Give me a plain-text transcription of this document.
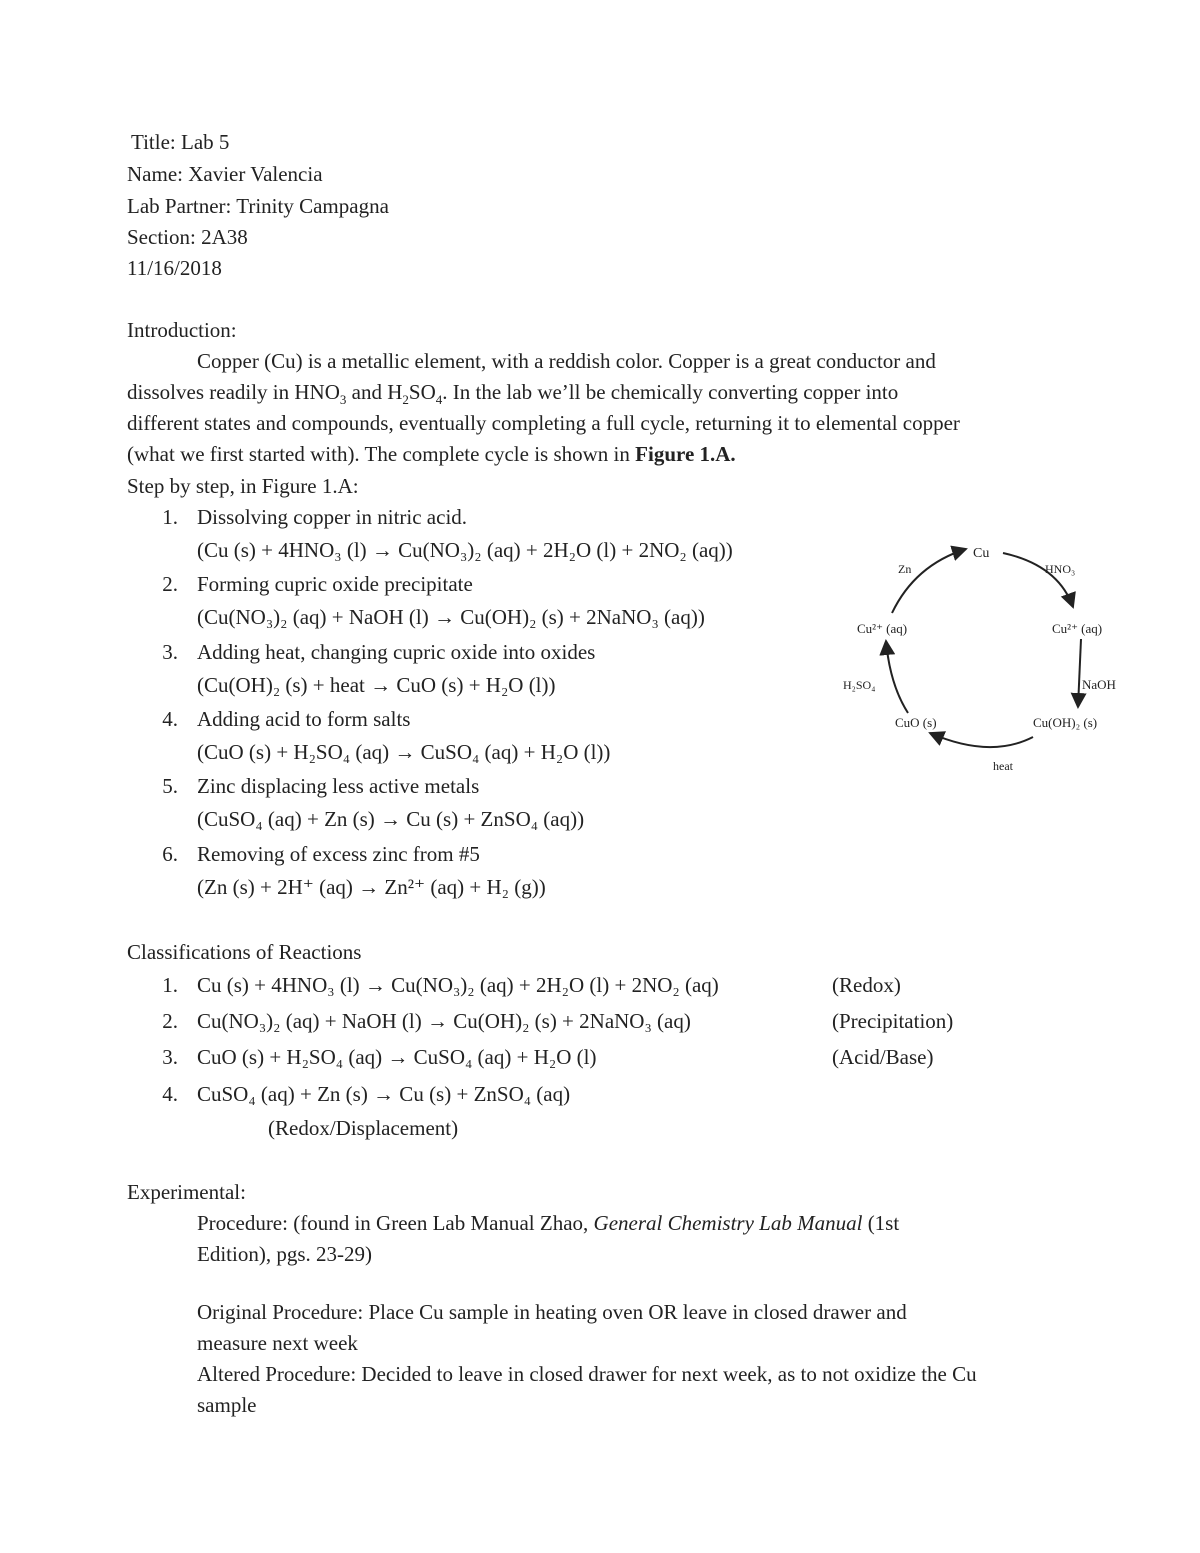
Title: Lab 5
Name: Xavier Valencia
Lab Partner: Trinity Campagna
Section: 2A38
11/16/2018
Introduction:
Copper (Cu) is a metallic element, with a reddish color. Copper is a great conductor and
dissolves readily in $HNO_3$ and $H_2SO_4$. In the lab we’ll be chemically converting copper into
different states and compounds, eventually completing a full cycle, returning it to elemental copper
(what we first started with). The complete cycle is shown in Figure 1.A.
Step by step, in Figure 1.A:
1. Dissolving copper in nitric acid.
(Cu (s) + 4HNO₃ (l) → Cu(NO₃)₂ (aq) + 2H₂O (l) + 2NO₂ (aq))
2. Forming cupric oxide precipitate
(Cu(NO₃)₂ (aq) + NaOH (l) → Cu(OH)₂ (s) + 2NaNO₃ (aq))
3. Adding heat, changing cupric oxide into oxides
(Cu(OH)₂ (s) + heat → CuO (s) + H₂O (l))
4. Adding acid to form salts
(CuO (s) + H₂SO₄ (aq) → CuSO₄ (aq) + H₂O (l))
5. Zinc displacing less active metals
(CuSO₄ (aq) + Zn (s) → Cu (s) + ZnSO₄ (aq))
6. Removing of excess zinc from #5
(Zn (s) + 2H⁺ (aq) → Zn²⁺ (aq) + H₂ (g))
Cu
Cu²⁺ (aq)
Cu²⁺ (aq)
Cu(OH)₂ (s)
CuO (s)
HNO₃
NaOH
heat
H₂SO₄
Zn
Classifications of Reactions
1. Cu (s) + 4HNO₃ (l) → Cu(NO₃)₂ (aq) + 2H₂O (l) + 2NO₂ (aq)	(Redox)
2. Cu(NO₃)₂ (aq) + NaOH (l) → Cu(OH)₂ (s) + 2NaNO₃ (aq)	(Precipitation)
3. CuO (s) + H₂SO₄ (aq) → CuSO₄ (aq) + H₂O (l)	(Acid/Base)
4. CuSO₄ (aq) + Zn (s) → Cu (s) + ZnSO₄ (aq)
(Redox/Displacement)
Experimental:
Procedure: (found in Green Lab Manual Zhao, General Chemistry Lab Manual (1st
Edition), pgs. 23-29)
Original Procedure: Place Cu sample in heating oven OR leave in closed drawer and
measure next week
Altered Procedure: Decided to leave in closed drawer for next week, as to not oxidize the Cu
sample
